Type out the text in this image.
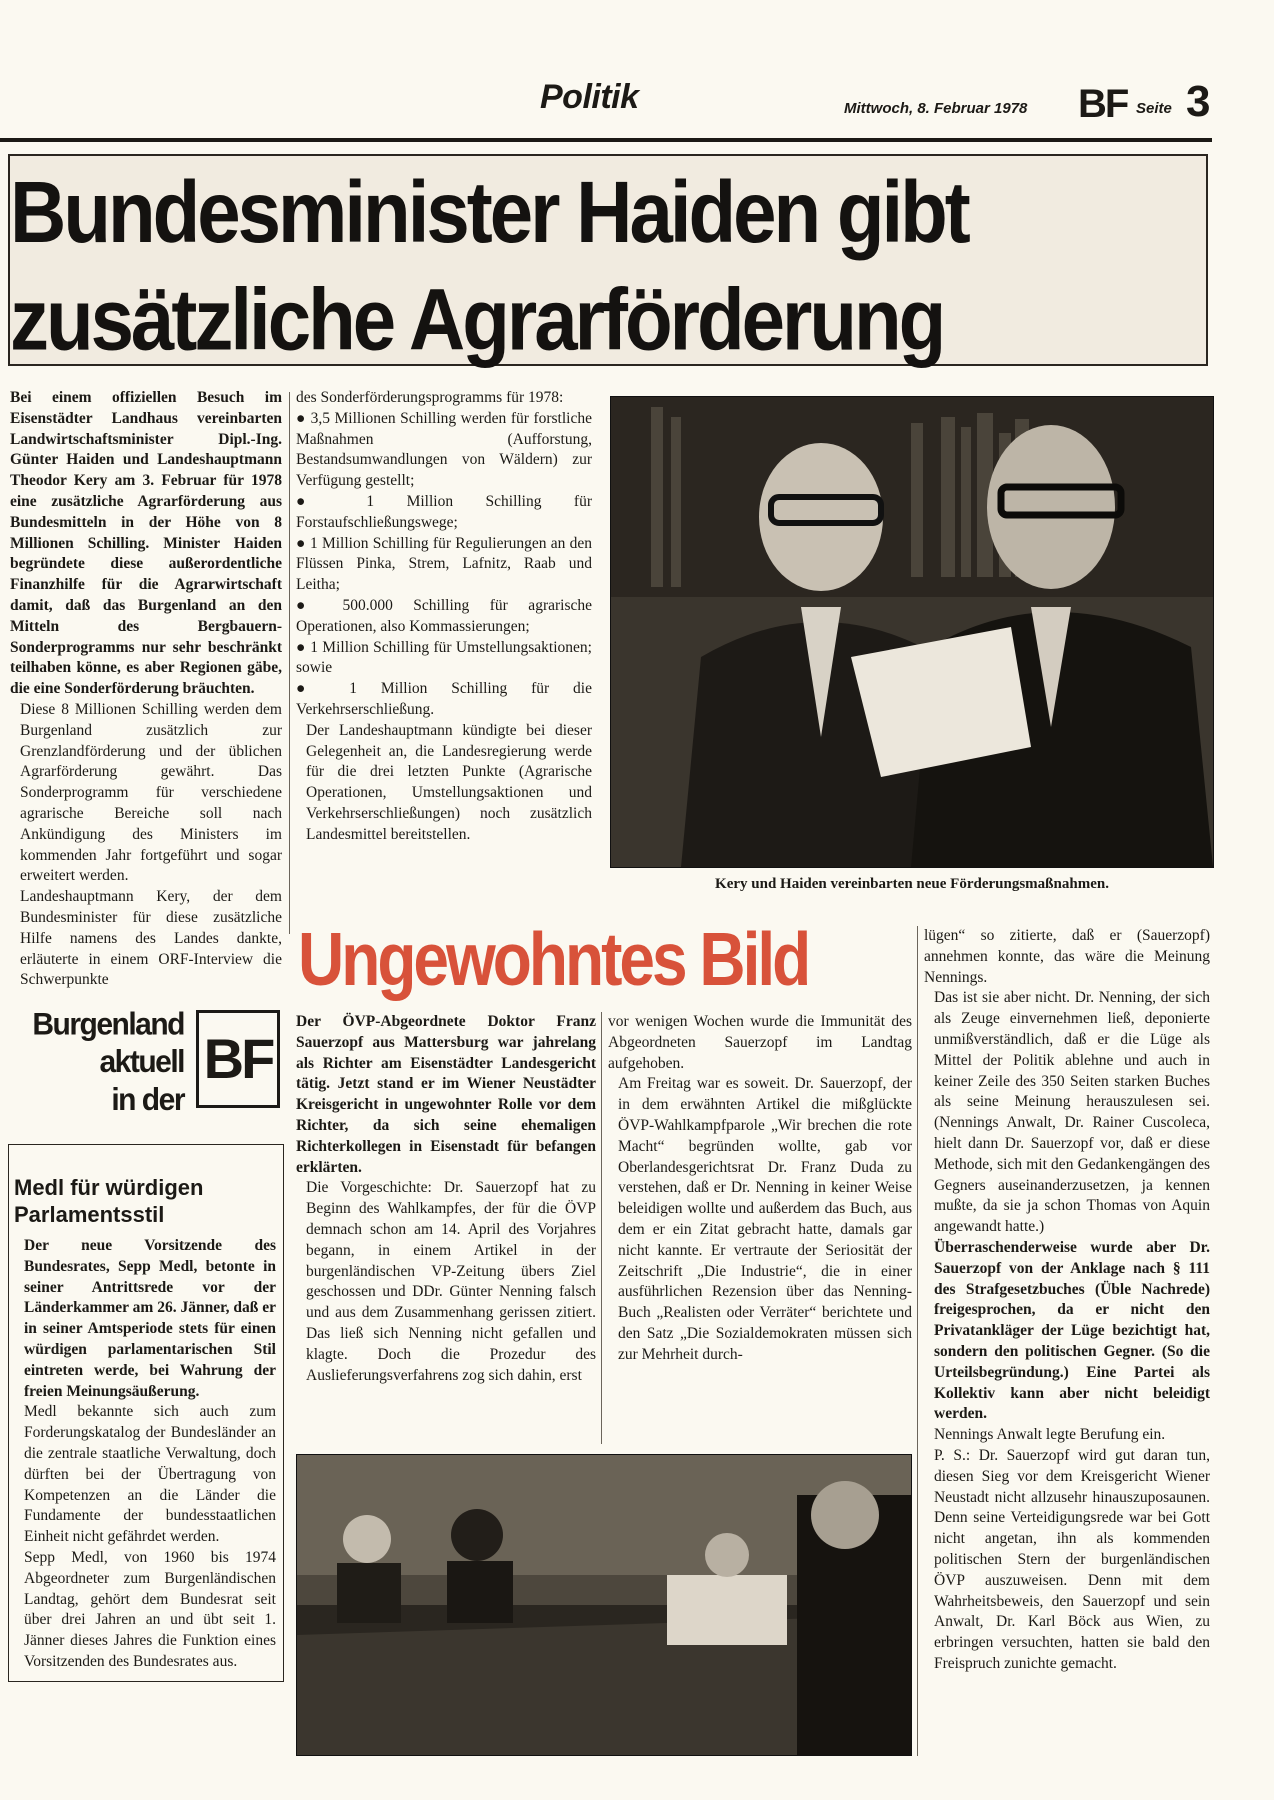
Politik	Mittwoch, 8. Februar 1978 BF Seite 3
Bundesminister Haiden gibt
zusätzliche Agrarförderung

Bei einem offiziellen Besuch im Eisenstädter Landhaus vereinbarten Landwirtschaftsminister Dipl.-Ing. Günter Haiden und Landeshauptmann Theodor Kery am 3. Februar für 1978 eine zusätzliche Agrarförderung aus Bundesmitteln in der Höhe von 8 Millionen Schilling. Minister Haiden begründete diese außerordentliche Finanzhilfe für die Agrarwirtschaft damit, daß das Burgenland an den Mitteln des Bergbauern-Sonderprogramms nur sehr beschränkt teilhaben könne, es aber Regionen gäbe, die eine Sonderförderung bräuchten.

Diese 8 Millionen Schilling werden dem Burgenland zusätzlich zur Grenzlandförderung und der üblichen Agrarförderung gewährt. Das Sonderprogramm für verschiedene agrarische Bereiche soll nach Ankündigung des Ministers im kommenden Jahr fortgeführt und sogar erweitert werden.

Landeshauptmann Kery, der dem Bundesminister für diese zusätzliche Hilfe namens des Landes dankte, erläuterte in einem ORF-Interview die Schwerpunkte

des Sonderförderungsprogramms für 1978:

● 3,5 Millionen Schilling werden für forstliche Maßnahmen (Aufforstung, Bestandsumwandlungen von Wäldern) zur Verfügung gestellt;

● 1 Million Schilling für Forstaufschließungswege;

● 1 Million Schilling für Regulierungen an den Flüssen Pinka, Strem, Lafnitz, Raab und Leitha;

● 500.000 Schilling für agrarische Operationen, also Kommassierungen;

● 1 Million Schilling für Umstellungsaktionen; sowie

● 1 Million Schilling für die Verkehrserschließung.

Der Landeshauptmann kündigte bei dieser Gelegenheit an, die Landesregierung werde für die drei letzten Punkte (Agrarische Operationen, Umstellungsaktionen und Verkehrserschließungen) noch zusätzlich Landesmittel bereitstellen.

Kery und Haiden vereinbarten neue Förderungsmaßnahmen.
Burgenland
aktuell
in der
BF
Medl für würdigen Parlamentsstil

Der neue Vorsitzende des Bundesrates, Sepp Medl, betonte in seiner Antrittsrede vor der Länderkammer am 26. Jänner, daß er in seiner Amtsperiode stets für einen würdigen parlamentarischen Stil eintreten werde, bei Wahrung der freien Meinungsäußerung.

Medl bekannte sich auch zum Forderungskatalog der Bundesländer an die zentrale staatliche Verwaltung, doch dürften bei der Übertragung von Kompetenzen an die Länder die Fundamente der bundesstaatlichen Einheit nicht gefährdet werden.

Sepp Medl, von 1960 bis 1974 Abgeordneter zum Burgenländischen Landtag, gehört dem Bundesrat seit über drei Jahren an und übt seit 1. Jänner dieses Jahres die Funktion eines Vorsitzenden des Bundesrates aus.

Ungewohntes Bild

Der ÖVP-Abgeordnete Doktor Franz Sauerzopf aus Mattersburg war jahrelang als Richter am Eisenstädter Landesgericht tätig. Jetzt stand er im Wiener Neustädter Kreisgericht in ungewohnter Rolle vor dem Richter, da sich seine ehemaligen Richterkollegen in Eisenstadt für befangen erklärten.

Die Vorgeschichte: Dr. Sauerzopf hat zu Beginn des Wahlkampfes, der für die ÖVP demnach schon am 14. April des Vorjahres begann, in einem Artikel in der burgenländischen VP-Zeitung übers Ziel geschossen und DDr. Günter Nenning falsch und aus dem Zusammenhang gerissen zitiert. Das ließ sich Nenning nicht gefallen und klagte. Doch die Prozedur des Auslieferungsverfahrens zog sich dahin, erst

vor wenigen Wochen wurde die Immunität des Abgeordneten Sauerzopf im Landtag aufgehoben.

Am Freitag war es soweit. Dr. Sauerzopf, der in dem erwähnten Artikel die mißglückte ÖVP-Wahlkampfparole „Wir brechen die rote Macht“ begründen wollte, gab vor Oberlandesgerichtsrat Dr. Franz Duda zu verstehen, daß er Dr. Nenning in keiner Weise beleidigen wollte und außerdem das Buch, aus dem er ein Zitat gebracht hatte, damals gar nicht kannte. Er vertraute der Seriosität der Zeitschrift „Die Industrie“, die in einer ausführlichen Rezension über das Nenning-Buch „Realisten oder Verräter“ berichtete und den Satz „Die Sozialdemokraten müssen sich zur Mehrheit durch-

lügen“ so zitierte, daß er (Sauerzopf) annehmen konnte, das wäre die Meinung Nennings.

Das ist sie aber nicht. Dr. Nenning, der sich als Zeuge einvernehmen ließ, deponierte unmißverständlich, daß er die Lüge als Mittel der Politik ablehne und auch in keiner Zeile des 350 Seiten starken Buches als seine Meinung herauszulesen sei. (Nennings Anwalt, Dr. Rainer Cuscoleca, hielt dann Dr. Sauerzopf vor, daß er diese Methode, sich mit den Gedankengängen des Gegners auseinanderzusetzen, ja kennen mußte, da sie ja schon Thomas von Aquin angewandt hatte.)

Überraschenderweise wurde aber Dr. Sauerzopf von der Anklage nach § 111 des Strafgesetzbuches (Üble Nachrede) freigesprochen, da er nicht den Privatankläger der Lüge bezichtigt hat, sondern den politischen Gegner. (So die Urteilsbegründung.) Eine Partei als Kollektiv kann aber nicht beleidigt werden.

Nennings Anwalt legte Berufung ein.

P. S.: Dr. Sauerzopf wird gut daran tun, diesen Sieg vor dem Kreisgericht Wiener Neustadt nicht allzusehr hinauszuposaunen. Denn seine Verteidigungsrede war bei Gott nicht angetan, ihn als kommenden politischen Stern der burgenländischen ÖVP auszuweisen. Denn mit dem Wahrheitsbeweis, den Sauerzopf und sein Anwalt, Dr. Karl Böck aus Wien, zu erbringen versuchten, hatten sie bald den Freispruch zunichte gemacht.
